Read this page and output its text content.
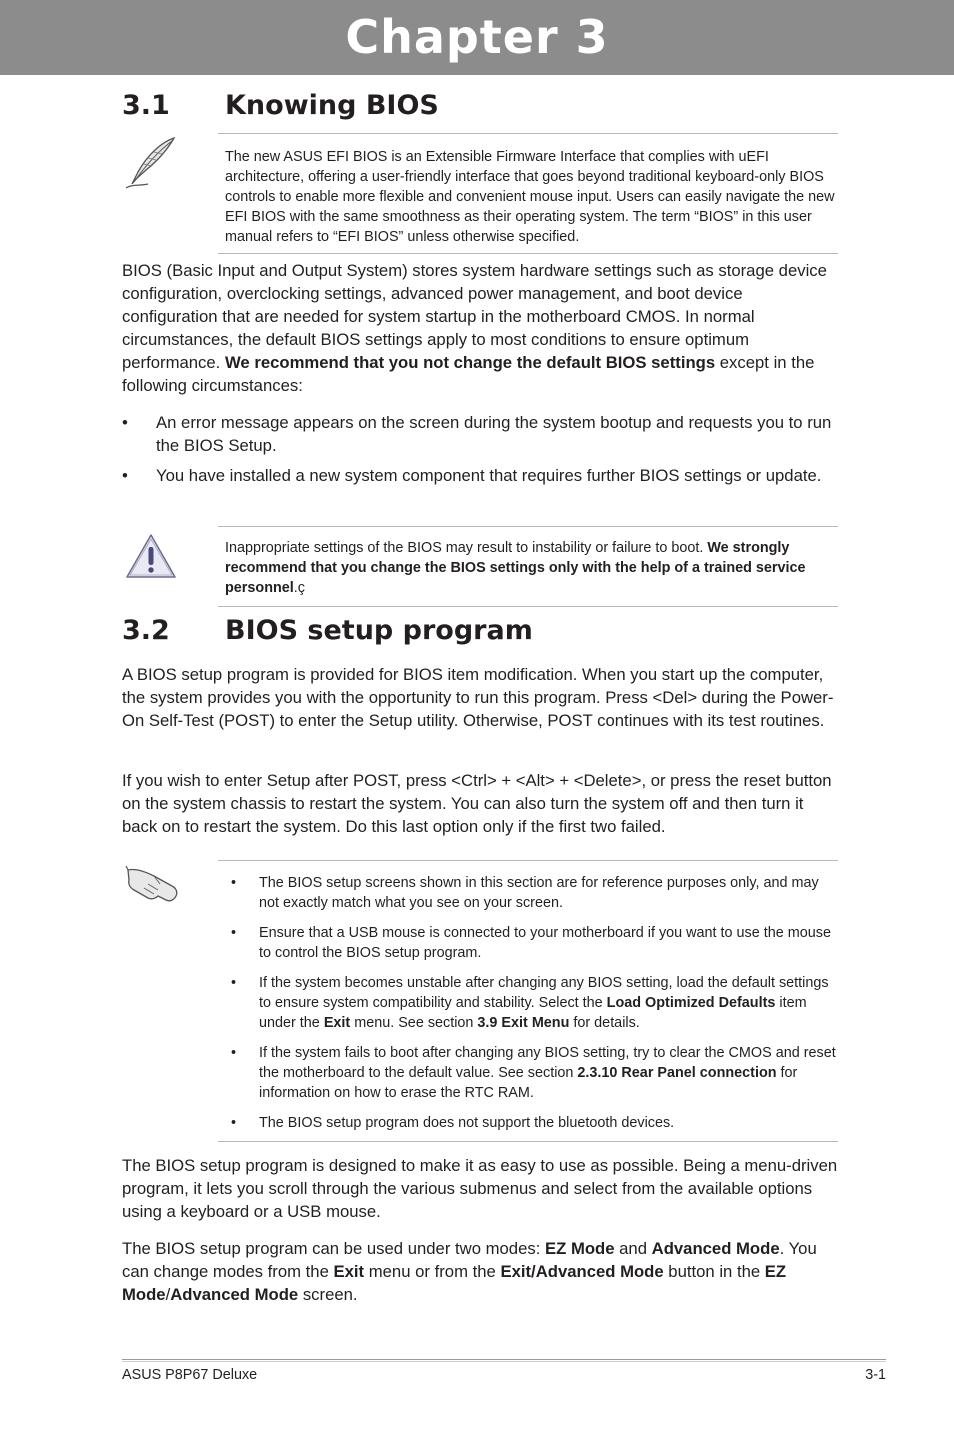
Chapter 3
3.1 Knowing BIOS

The new ASUS EFI BIOS is an Extensible Firmware Interface that complies with uEFI architecture, offering a user-friendly interface that goes beyond traditional keyboard-only BIOS controls to enable more flexible and convenient mouse input. Users can easily navigate the new EFI BIOS with the same smoothness as their operating system. The term “BIOS” in this user manual refers to “EFI BIOS” unless otherwise specified.

BIOS (Basic Input and Output System) stores system hardware settings such as storage device configuration, overclocking settings, advanced power management, and boot device configuration that are needed for system startup in the motherboard CMOS. In normal circumstances, the default BIOS settings apply to most conditions to ensure optimum performance. We recommend that you not change the default BIOS settings except in the following circumstances:

• An error message appears on the screen during the system bootup and requests you to run the BIOS Setup.
• You have installed a new system component that requires further BIOS settings or update.

Inappropriate settings of the BIOS may result to instability or failure to boot. We strongly recommend that you change the BIOS settings only with the help of a trained service personnel.ç

3.2 BIOS setup program

A BIOS setup program is provided for BIOS item modification. When you start up the computer, the system provides you with the opportunity to run this program. Press <Del> during the Power-On Self-Test (POST) to enter the Setup utility. Otherwise, POST continues with its test routines.

If you wish to enter Setup after POST, press <Ctrl> + <Alt> + <Delete>, or press the reset button on the system chassis to restart the system. You can also turn the system off and then turn it back on to restart the system. Do this last option only if the first two failed.

• The BIOS setup screens shown in this section are for reference purposes only, and may not exactly match what you see on your screen.
• Ensure that a USB mouse is connected to your motherboard if you want to use the mouse to control the BIOS setup program.
• If the system becomes unstable after changing any BIOS setting, load the default settings to ensure system compatibility and stability. Select the Load Optimized Defaults item under the Exit menu. See section 3.9 Exit Menu for details.
• If the system fails to boot after changing any BIOS setting, try to clear the CMOS and reset the motherboard to the default value. See section 2.3.10 Rear Panel connection for information on how to erase the RTC RAM.
• The BIOS setup program does not support the bluetooth devices.

The BIOS setup program is designed to make it as easy to use as possible. Being a menu-driven program, it lets you scroll through the various submenus and select from the available options using a keyboard or a USB mouse.

The BIOS setup program can be used under two modes: EZ Mode and Advanced Mode. You can change modes from the Exit menu or from the Exit/Advanced Mode button in the EZ Mode/Advanced Mode screen.

ASUS P8P67 Deluxe	3-1
